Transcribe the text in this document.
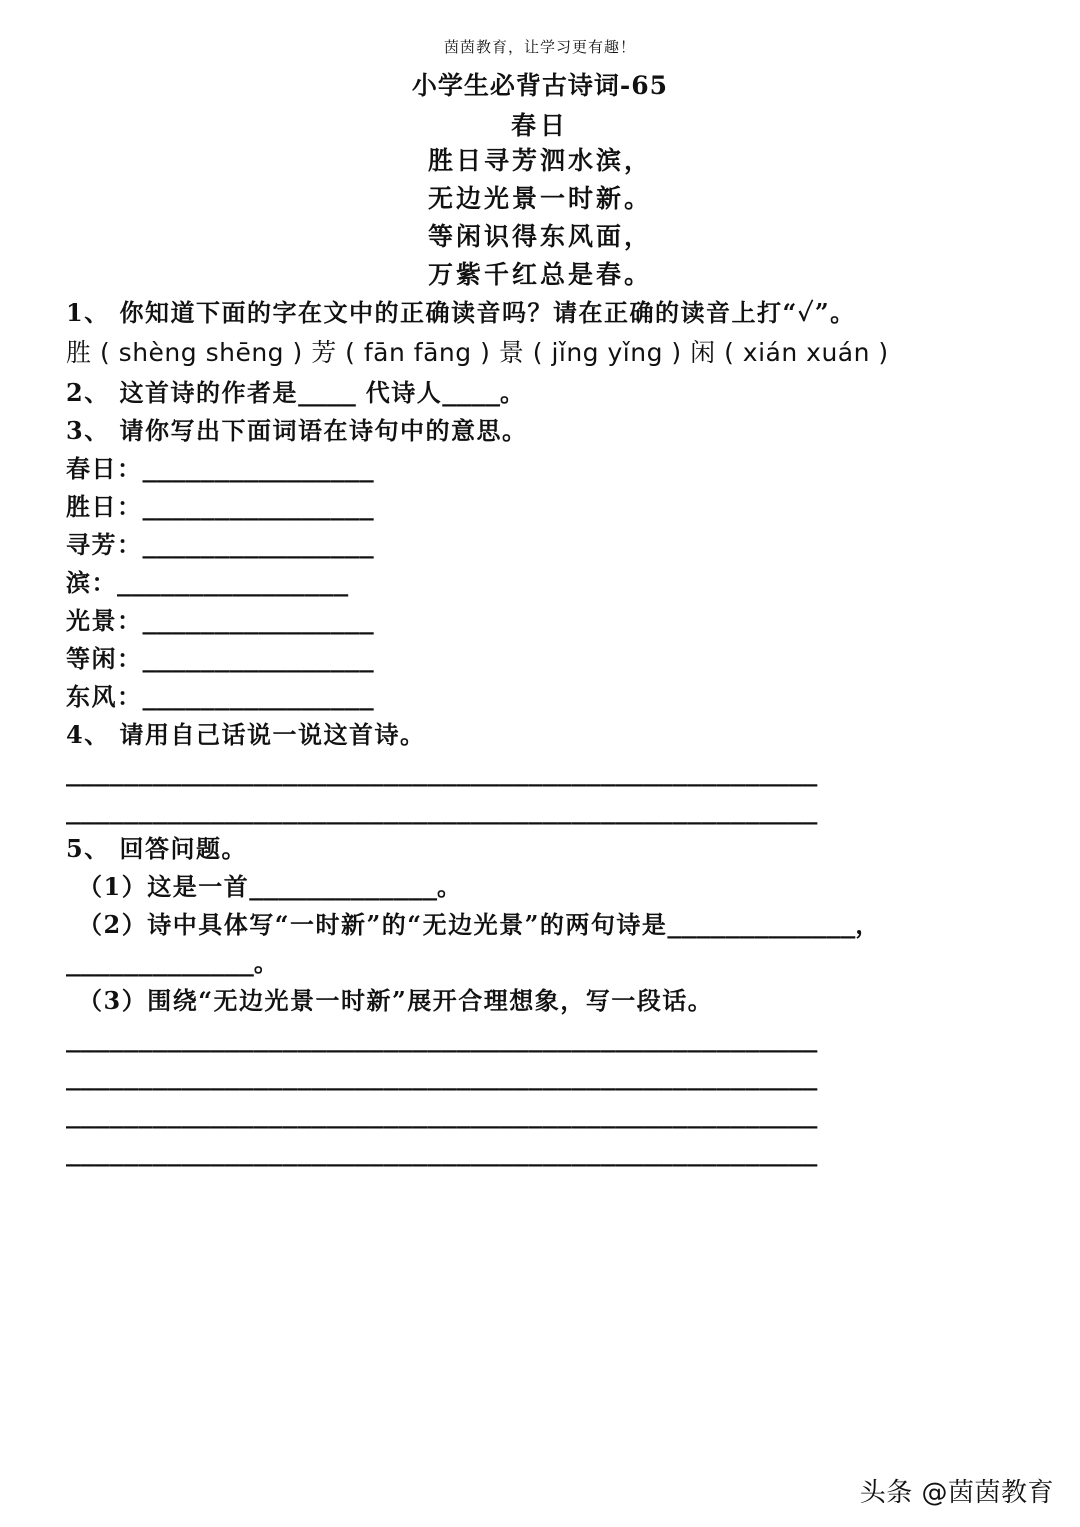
茵茵教育，让学习更有趣！
小学生必背古诗词-65
春日
胜日寻芳泗水滨，
无边光景一时新。
等闲识得东风面，
万紫千红总是春。
1、 你知道下面的字在文中的正确读音吗？请在正确的读音上打“✓”。
胜 ( shèng shēng ) 芳 ( fān fāng ) 景 ( jǐng yǐng ) 闲 ( xián xuán )
2、 这首诗的作者是____ 代诗人____。
3、 请你写出下面词语在诗句中的意思。
春日：________________
胜日：________________
寻芳：________________
滨：________________
光景：________________
等闲：________________
东风：________________
4、 请用自己话说一说这首诗。
____________________________________________________
____________________________________________________
5、 回答问题。
（1）这是一首_____________。
（2）诗中具体写“一时新”的“无边光景”的两句诗是_____________，
_____________。
（3）围绕“无边光景一时新”展开合理想象，写一段话。
____________________________________________________
____________________________________________________
____________________________________________________
____________________________________________________
头条 @茵茵教育
